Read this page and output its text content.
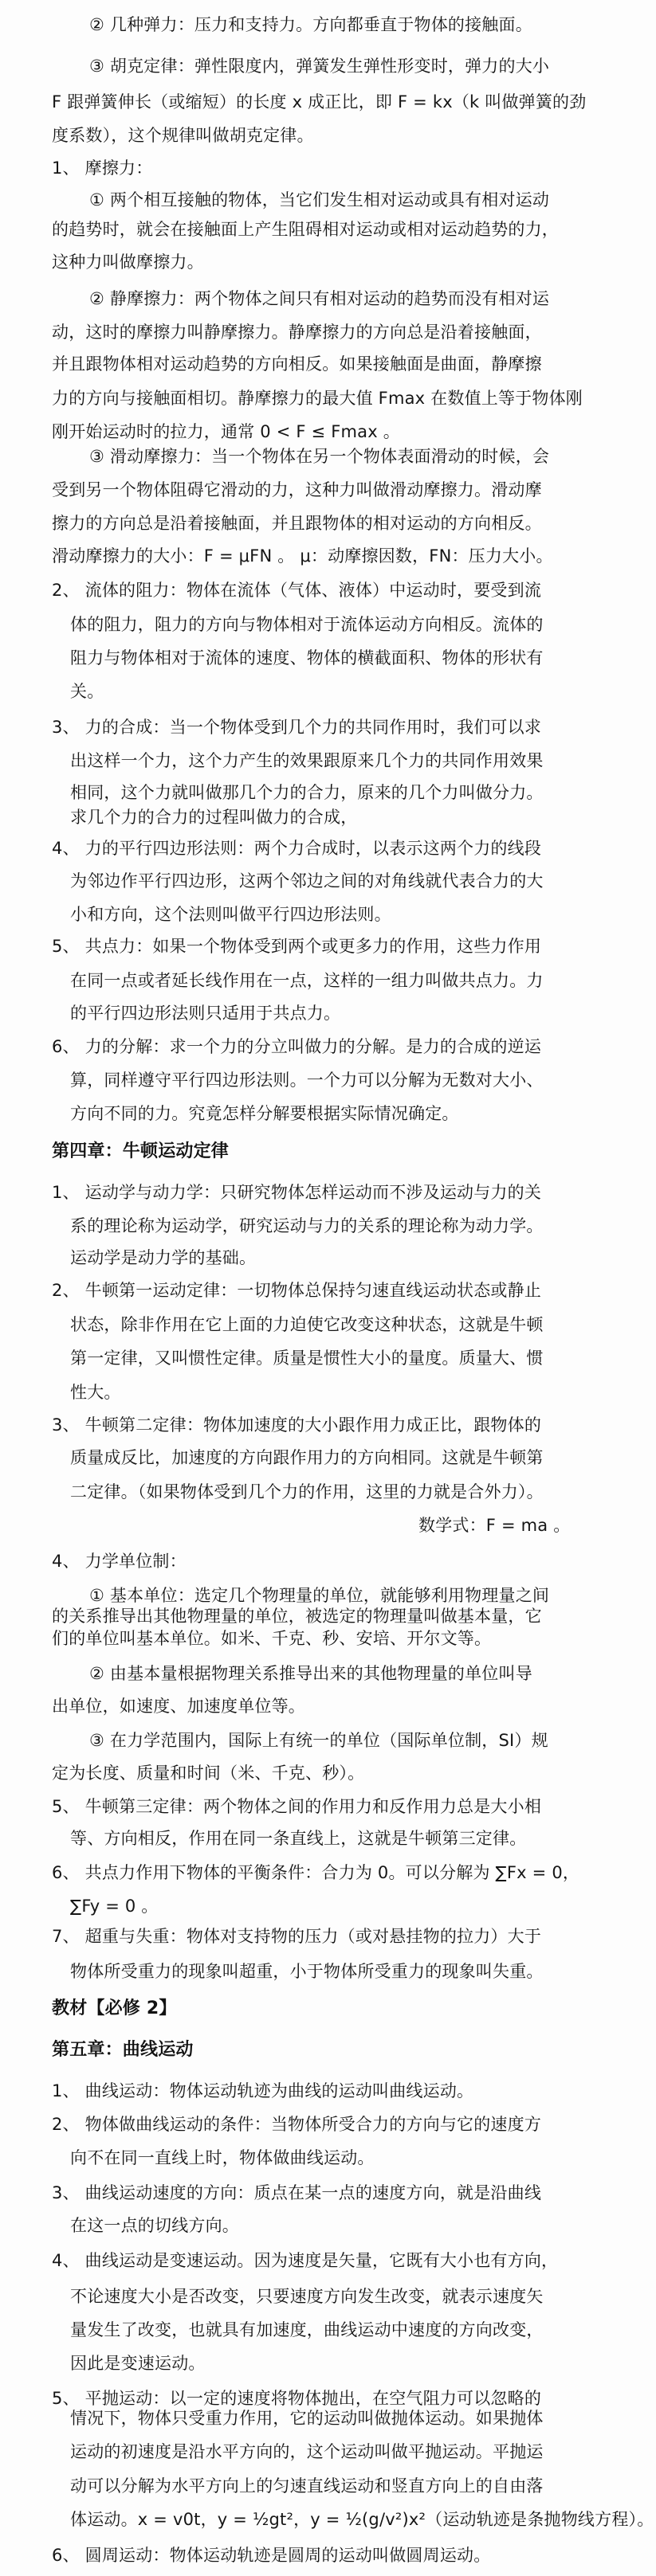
② 几种弹力：压力和支持力。方向都垂直于物体的接触面。
③ 胡克定律：弹性限度内，弹簧发生弹性形变时，弹力的大小
F 跟弹簧伸长（或缩短）的长度 x 成正比，即 F = kx（k 叫做弹簧的劲
度系数），这个规律叫做胡克定律。
1、 摩擦力：
① 两个相互接触的物体，当它们发生相对运动或具有相对运动
的趋势时，就会在接触面上产生阻碍相对运动或相对运动趋势的力，
这种力叫做摩擦力。
② 静摩擦力：两个物体之间只有相对运动的趋势而没有相对运
动，这时的摩擦力叫静摩擦力。静摩擦力的方向总是沿着接触面，
并且跟物体相对运动趋势的方向相反。如果接触面是曲面，静摩擦
力的方向与接触面相切。静摩擦力的最大值 Fmax 在数值上等于物体刚
刚开始运动时的拉力，通常 0 < F ≤ Fmax 。
③ 滑动摩擦力：当一个物体在另一个物体表面滑动的时候，会
受到另一个物体阻碍它滑动的力，这种力叫做滑动摩擦力。滑动摩
擦力的方向总是沿着接触面，并且跟物体的相对运动的方向相反。
滑动摩擦力的大小：F = μFN 。 μ：动摩擦因数，FN：压力大小。
2、 流体的阻力：物体在流体（气体、液体）中运动时，要受到流
体的阻力，阻力的方向与物体相对于流体运动方向相反。流体的
阻力与物体相对于流体的速度、物体的横截面积、物体的形状有
关。
3、 力的合成：当一个物体受到几个力的共同作用时，我们可以求
出这样一个力，这个力产生的效果跟原来几个力的共同作用效果
相同，这个力就叫做那几个力的合力，原来的几个力叫做分力。
求几个力的合力的过程叫做力的合成，
4、 力的平行四边形法则：两个力合成时，以表示这两个力的线段
为邻边作平行四边形，这两个邻边之间的对角线就代表合力的大
小和方向，这个法则叫做平行四边形法则。
5、 共点力：如果一个物体受到两个或更多力的作用，这些力作用
在同一点或者延长线作用在一点，这样的一组力叫做共点力。力
的平行四边形法则只适用于共点力。
6、 力的分解：求一个力的分立叫做力的分解。是力的合成的逆运
算，同样遵守平行四边形法则。一个力可以分解为无数对大小、
方向不同的力。究竟怎样分解要根据实际情况确定。
第四章：牛顿运动定律
1、 运动学与动力学：只研究物体怎样运动而不涉及运动与力的关
系的理论称为运动学，研究运动与力的关系的理论称为动力学。
运动学是动力学的基础。
2、 牛顿第一运动定律：一切物体总保持匀速直线运动状态或静止
状态，除非作用在它上面的力迫使它改变这种状态，这就是牛顿
第一定律，又叫惯性定律。质量是惯性大小的量度。质量大、惯
性大。
3、 牛顿第二定律：物体加速度的大小跟作用力成正比，跟物体的
质量成反比，加速度的方向跟作用力的方向相同。这就是牛顿第
二定律。（如果物体受到几个力的作用，这里的力就是合外力）。
数学式：F = ma 。
4、 力学单位制：
① 基本单位：选定几个物理量的单位，就能够利用物理量之间
的关系推导出其他物理量的单位，被选定的物理量叫做基本量，它
们的单位叫基本单位。如米、千克、秒、安培、开尔文等。
② 由基本量根据物理关系推导出来的其他物理量的单位叫导
出单位，如速度、加速度单位等。
③ 在力学范围内，国际上有统一的单位（国际单位制，SI）规
定为长度、质量和时间（米、千克、秒）。
5、 牛顿第三定律：两个物体之间的作用力和反作用力总是大小相
等、方向相反，作用在同一条直线上，这就是牛顿第三定律。
6、 共点力作用下物体的平衡条件：合力为 0。可以分解为 ∑Fx = 0，
∑Fy = 0 。
7、 超重与失重：物体对支持物的压力（或对悬挂物的拉力）大于
物体所受重力的现象叫超重，小于物体所受重力的现象叫失重。
教材【必修 2】
第五章：曲线运动
1、 曲线运动：物体运动轨迹为曲线的运动叫曲线运动。
2、 物体做曲线运动的条件：当物体所受合力的方向与它的速度方
向不在同一直线上时，物体做曲线运动。
3、 曲线运动速度的方向：质点在某一点的速度方向，就是沿曲线
在这一点的切线方向。
4、 曲线运动是变速运动。因为速度是矢量，它既有大小也有方向，
不论速度大小是否改变，只要速度方向发生改变，就表示速度矢
量发生了改变，也就具有加速度，曲线运动中速度的方向改变，
因此是变速运动。
5、 平抛运动：以一定的速度将物体抛出，在空气阻力可以忽略的
情况下，物体只受重力作用，它的运动叫做抛体运动。如果抛体
运动的初速度是沿水平方向的，这个运动叫做平抛运动。平抛运
动可以分解为水平方向上的匀速直线运动和竖直方向上的自由落
体运动。x = v0t，y = ½gt²，y = ½(g/v²)x²（运动轨迹是条抛物线方程）。
6、 圆周运动：物体运动轨迹是圆周的运动叫做圆周运动。
